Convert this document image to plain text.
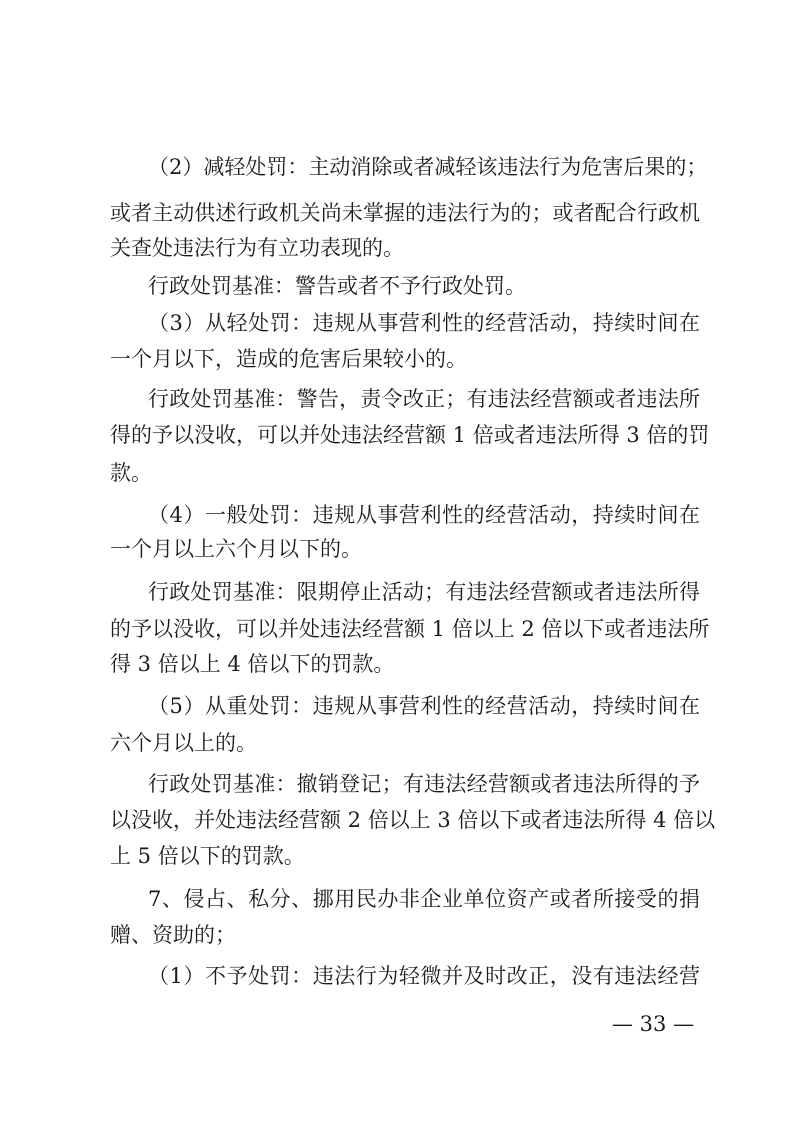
（2）减轻处罚：主动消除或者减轻该违法行为危害后果的；
或者主动供述行政机关尚未掌握的违法行为的；或者配合行政机
关查处违法行为有立功表现的。
行政处罚基准：警告或者不予行政处罚。
（3）从轻处罚：违规从事营利性的经营活动，持续时间在
一个月以下，造成的危害后果较小的。
行政处罚基准：警告，责令改正；有违法经营额或者违法所
得的予以没收，可以并处违法经营额 1 倍或者违法所得 3 倍的罚
款。
（4）一般处罚：违规从事营利性的经营活动，持续时间在
一个月以上六个月以下的。
行政处罚基准：限期停止活动；有违法经营额或者违法所得
的予以没收，可以并处违法经营额 1 倍以上 2 倍以下或者违法所
得 3 倍以上 4 倍以下的罚款。
（5）从重处罚：违规从事营利性的经营活动，持续时间在
六个月以上的。
行政处罚基准：撤销登记；有违法经营额或者违法所得的予
以没收，并处违法经营额 2 倍以上 3 倍以下或者违法所得 4 倍以
上 5 倍以下的罚款。
7、侵占、私分、挪用民办非企业单位资产或者所接受的捐
赠、资助的；
（1）不予处罚：违法行为轻微并及时改正，没有违法经营
— 33 —
